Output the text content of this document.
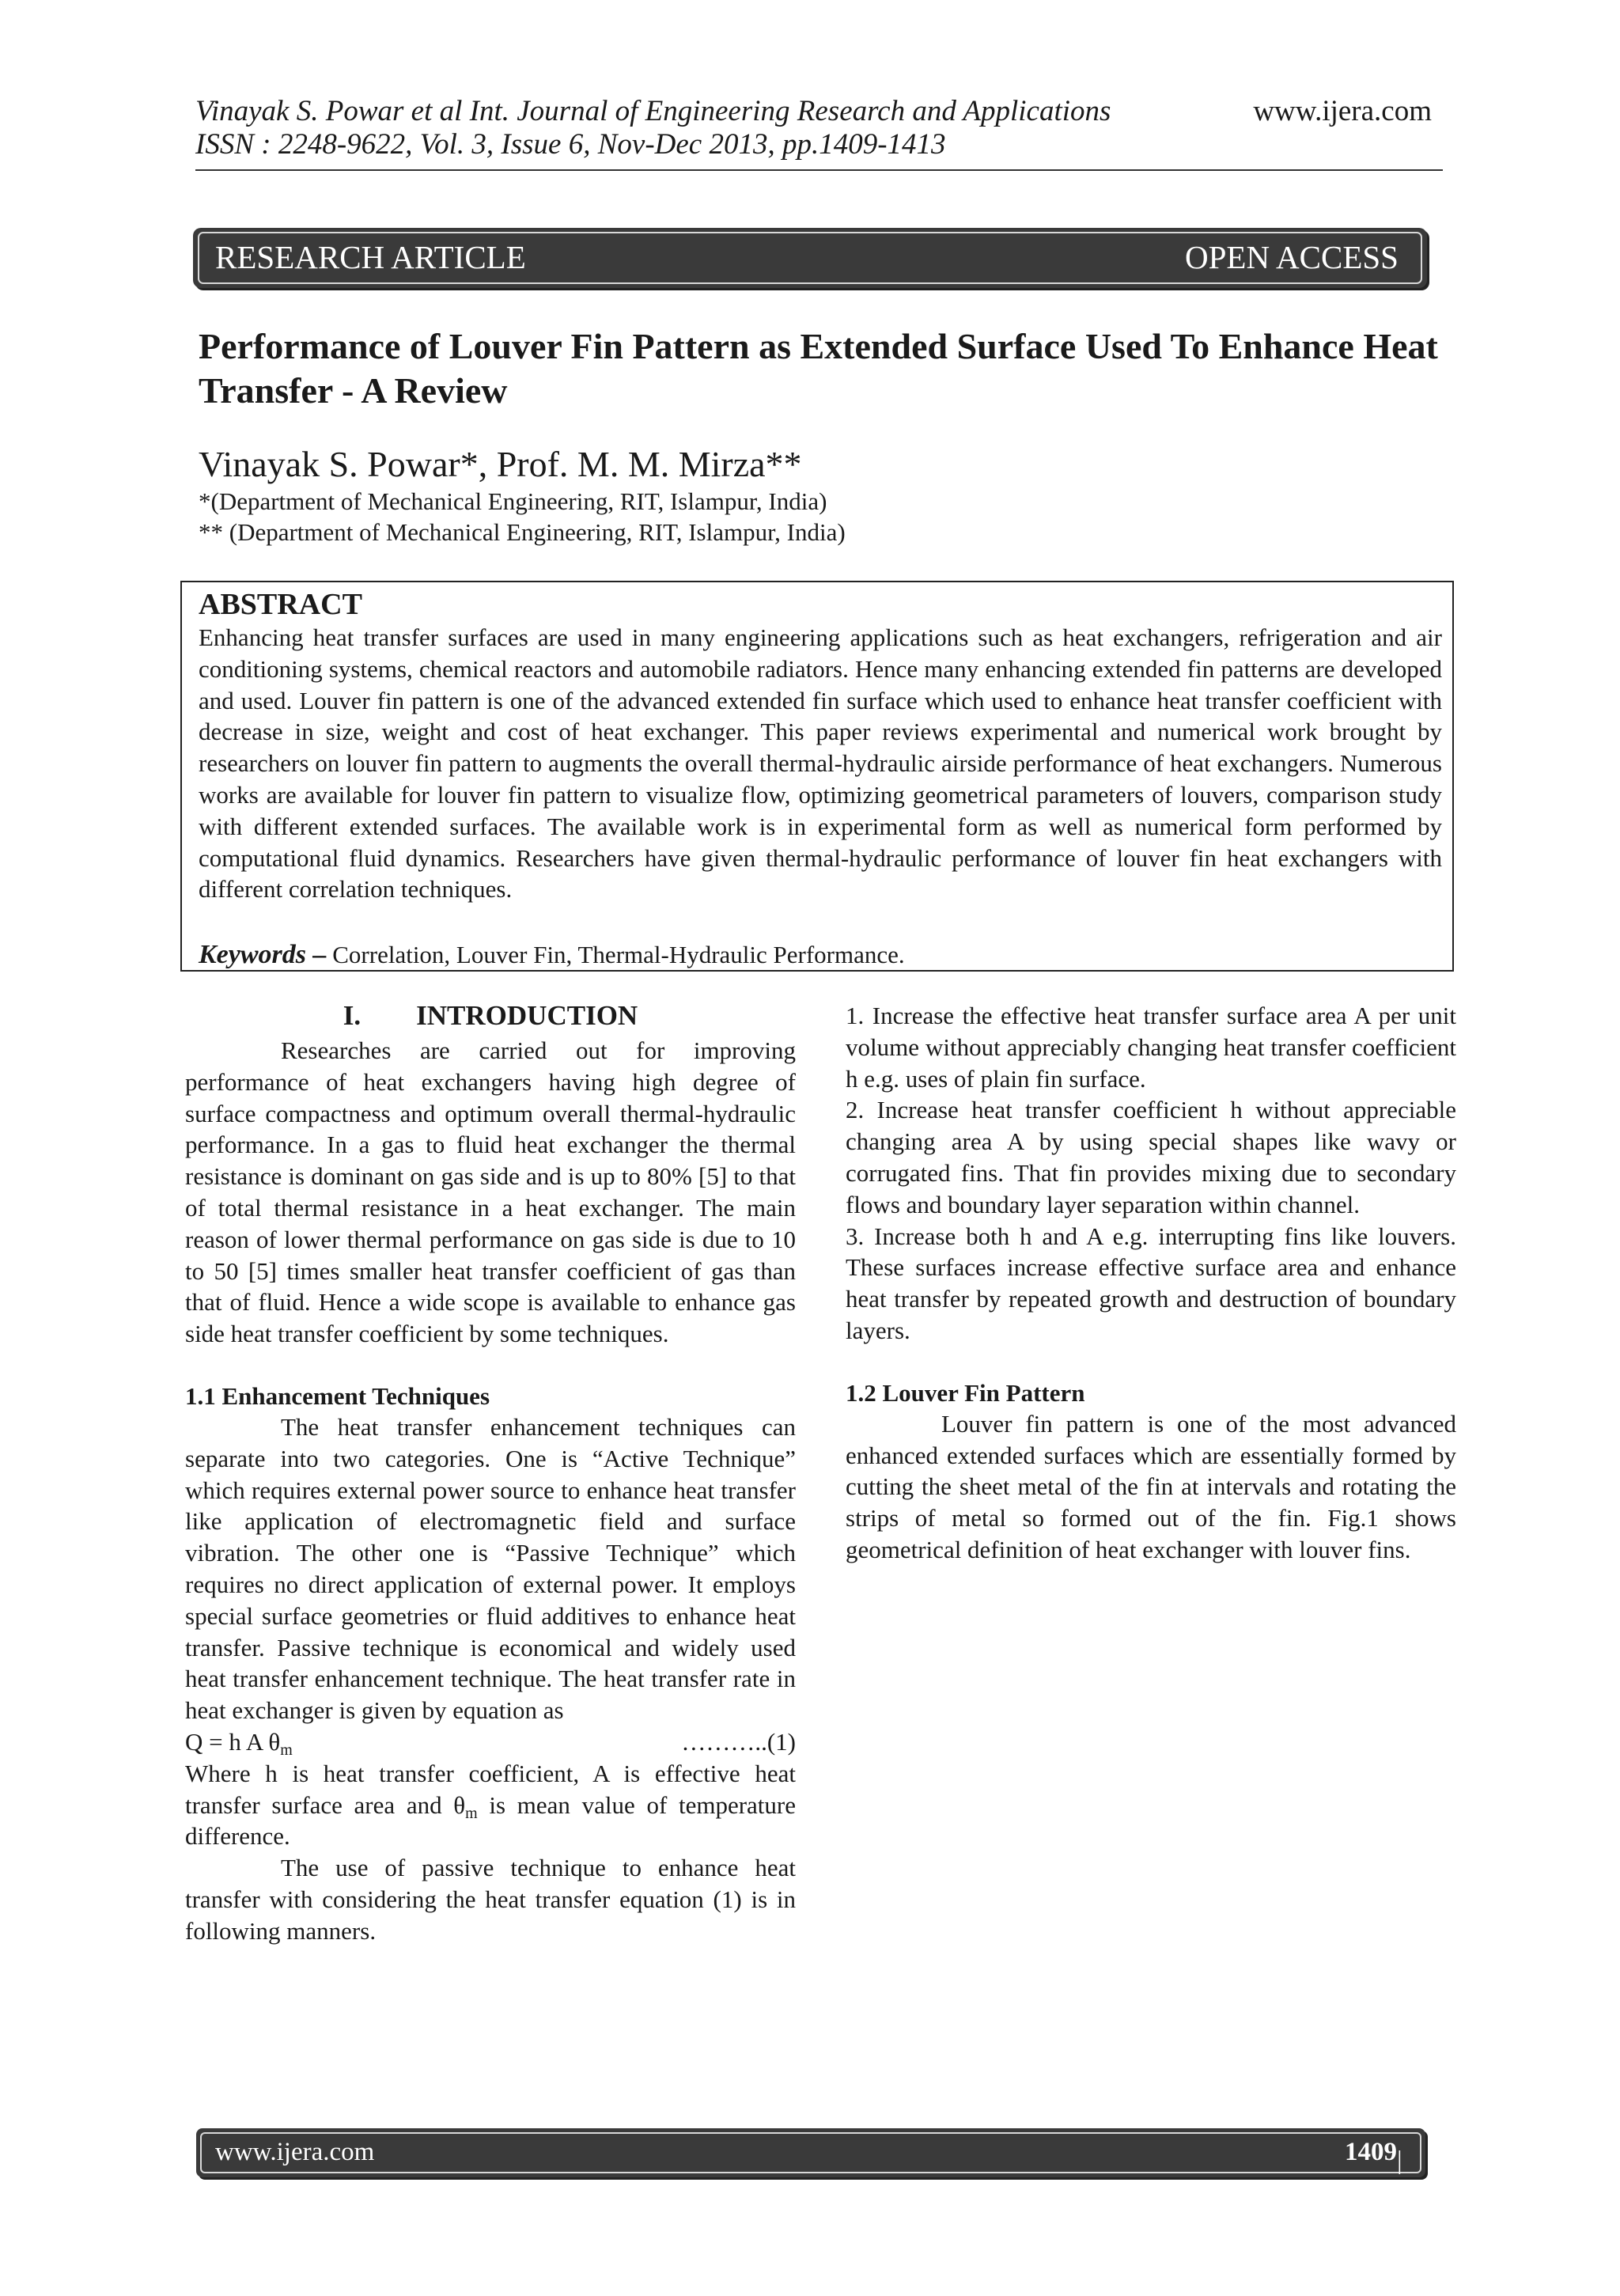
Vinayak S. Powar et al Int. Journal of Engineering Research and Applications
ISSN : 2248-9622, Vol. 3, Issue 6, Nov-Dec 2013, pp.1409-1413
www.ijera.com
RESEARCH ARTICLE	OPEN ACCESS
Performance of Louver Fin Pattern as Extended Surface Used To Enhance Heat Transfer - A Review
Vinayak S. Powar*, Prof. M. M. Mirza**
*(Department of Mechanical Engineering, RIT, Islampur, India)
** (Department of Mechanical Engineering, RIT, Islampur, India)
ABSTRACT
Enhancing heat transfer surfaces are used in many engineering applications such as heat exchangers, refrigeration and air conditioning systems, chemical reactors and automobile radiators. Hence many enhancing extended fin patterns are developed and used. Louver fin pattern is one of the advanced extended fin surface which used to enhance heat transfer coefficient with decrease in size, weight and cost of heat exchanger. This paper reviews experimental and numerical work brought by researchers on louver fin pattern to augments the overall thermal-hydraulic airside performance of heat exchangers. Numerous works are available for louver fin pattern to visualize flow, optimizing geometrical parameters of louvers, comparison study with different extended surfaces. The available work is in experimental form as well as numerical form performed by computational fluid dynamics. Researchers have given thermal-hydraulic performance of louver fin heat exchangers with different correlation techniques.
Keywords – Correlation, Louver Fin, Thermal-Hydraulic Performance.
I. INTRODUCTION

Researches are carried out for improving performance of heat exchangers having high degree of surface compactness and optimum overall thermal-hydraulic performance. In a gas to fluid heat exchanger the thermal resistance is dominant on gas side and is up to 80% [5] to that of total thermal resistance in a heat exchanger. The main reason of lower thermal performance on gas side is due to 10 to 50 [5] times smaller heat transfer coefficient of gas than that of fluid. Hence a wide scope is available to enhance gas side heat transfer coefficient by some techniques.

1.1 Enhancement Techniques

The heat transfer enhancement techniques can separate into two categories. One is “Active Technique” which requires external power source to enhance heat transfer like application of electromagnetic field and surface vibration. The other one is “Passive Technique” which requires no direct application of external power. It employs special surface geometries or fluid additives to enhance heat transfer. Passive technique is economical and widely used heat transfer enhancement technique. The heat transfer rate in heat exchanger is given by equation as

Q = h A $\theta_m$	………..(1)

Where h is heat transfer coefficient, A is effective heat transfer surface area and $\theta_m$ is mean value of temperature difference.

The use of passive technique to enhance heat transfer with considering the heat transfer equation (1) is in following manners.

1. Increase the effective heat transfer surface area A per unit volume without appreciably changing heat transfer coefficient h e.g. uses of plain fin surface.

2. Increase heat transfer coefficient h without appreciable changing area A by using special shapes like wavy or corrugated fins. That fin provides mixing due to secondary flows and boundary layer separation within channel.

3. Increase both h and A e.g. interrupting fins like louvers. These surfaces increase effective surface area and enhance heat transfer by repeated growth and destruction of boundary layers.

1.2 Louver Fin Pattern

Louver fin pattern is one of the most advanced enhanced extended surfaces which are essentially formed by cutting the sheet metal of the fin at intervals and rotating the strips of metal so formed out of the fin. Fig.1 shows geometrical definition of heat exchanger with louver fins.

www.ijera.com	1409 | P a g e
